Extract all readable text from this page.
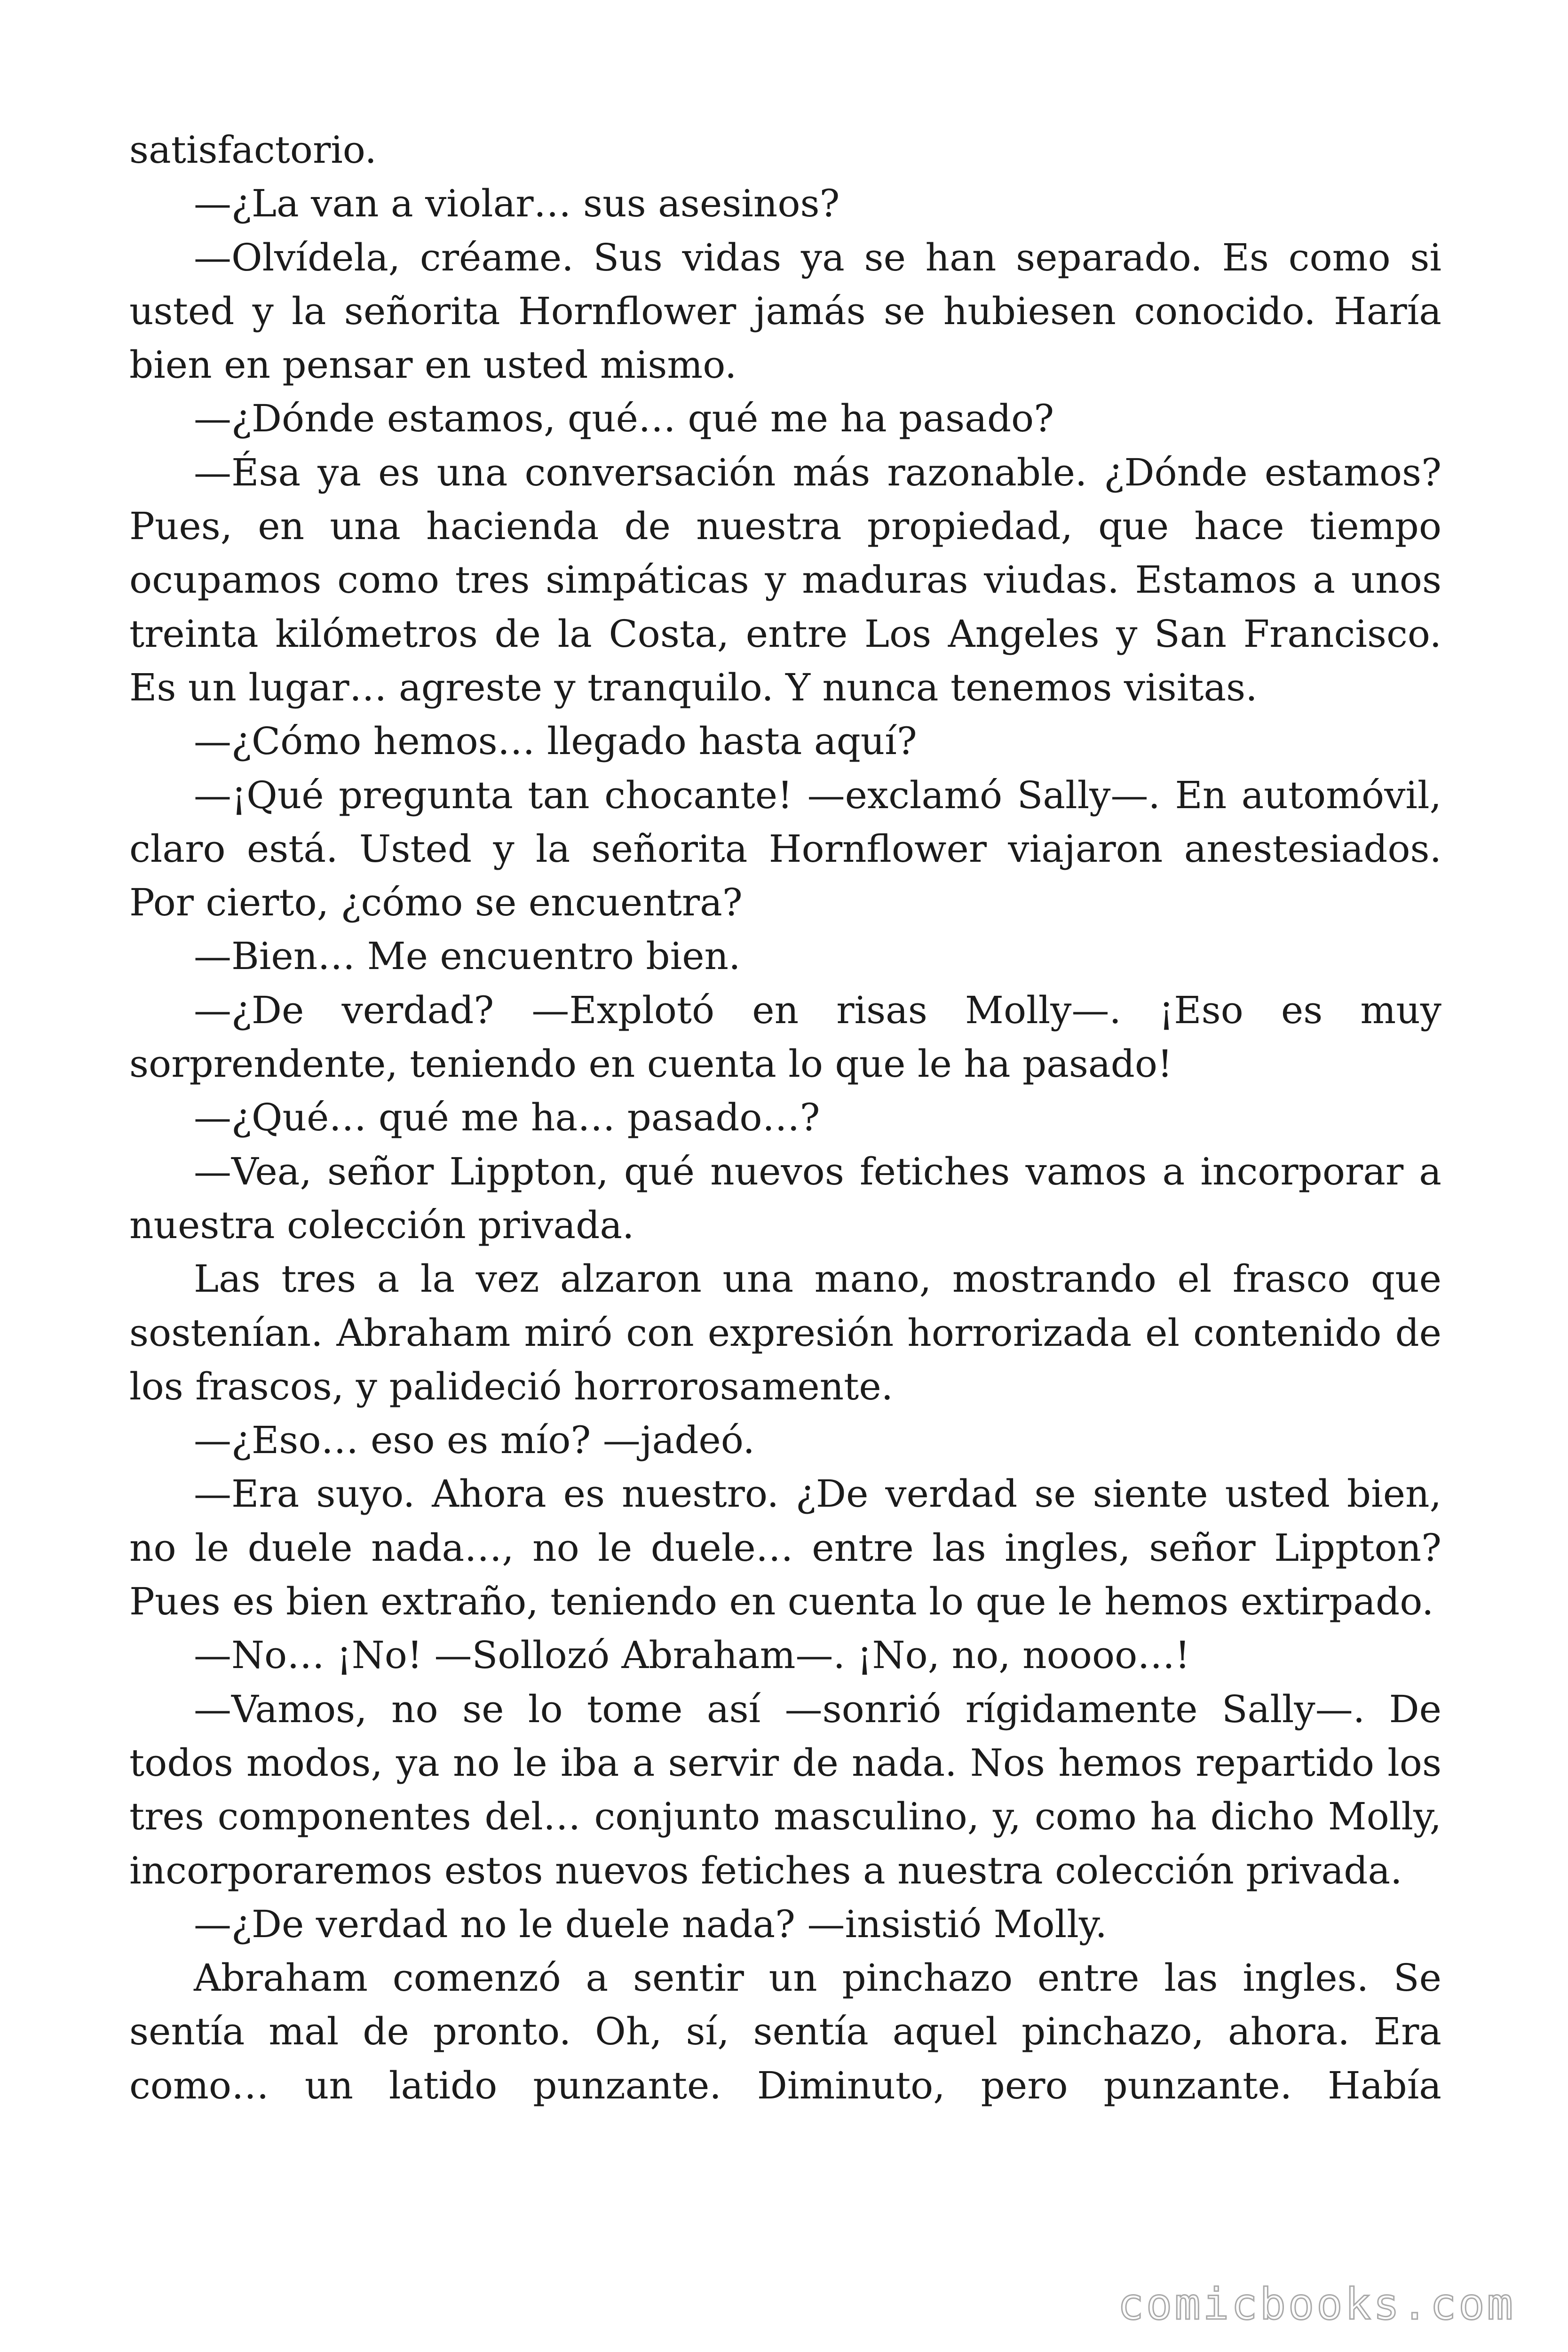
satisfactorio.

—¿La van a violar… sus asesinos?

—Olvídela, créame. Sus vidas ya se han separado. Es como si usted y la señorita Hornflower jamás se hubiesen conocido. Haría bien en pensar en usted mismo.

—¿Dónde estamos, qué… qué me ha pasado?

—Ésa ya es una conversación más razonable. ¿Dónde estamos? Pues, en una hacienda de nuestra propiedad, que hace tiempo ocupamos como tres simpáticas y maduras viudas. Estamos a unos treinta kilómetros de la Costa, entre Los Angeles y San Francisco. Es un lugar… agreste y tranquilo. Y nunca tenemos visitas.

—¿Cómo hemos… llegado hasta aquí?

—¡Qué pregunta tan chocante! —exclamó Sally—. En automóvil, claro está. Usted y la señorita Hornflower viajaron anestesiados. Por cierto, ¿cómo se encuentra?

—Bien… Me encuentro bien.

—¿De verdad? —Explotó en risas Molly—. ¡Eso es muy sorprendente, teniendo en cuenta lo que le ha pasado!

—¿Qué… qué me ha… pasado…?

—Vea, señor Lippton, qué nuevos fetiches vamos a incorporar a nuestra colección privada.

Las tres a la vez alzaron una mano, mostrando el frasco que sostenían. Abraham miró con expresión horrorizada el contenido de los frascos, y palideció horrorosamente.

—¿Eso… eso es mío? —jadeó.

—Era suyo. Ahora es nuestro. ¿De verdad se siente usted bien, no le duele nada…, no le duele… entre las ingles, señor Lippton? Pues es bien extraño, teniendo en cuenta lo que le hemos extirpado.

—No… ¡No! —Sollozó Abraham—. ¡No, no, noooo…!

—Vamos, no se lo tome así —sonrió rígidamente Sally—. De todos modos, ya no le iba a servir de nada. Nos hemos repartido los tres componentes del… conjunto masculino, y, como ha dicho Molly, incorporaremos estos nuevos fetiches a nuestra colección privada.

—¿De verdad no le duele nada? —insistió Molly.

Abraham comenzó a sentir un pinchazo entre las ingles. Se sentía mal de pronto. Oh, sí, sentía aquel pinchazo, ahora. Era como… un latido punzante. Diminuto, pero punzante. Había

comicbooks.com
